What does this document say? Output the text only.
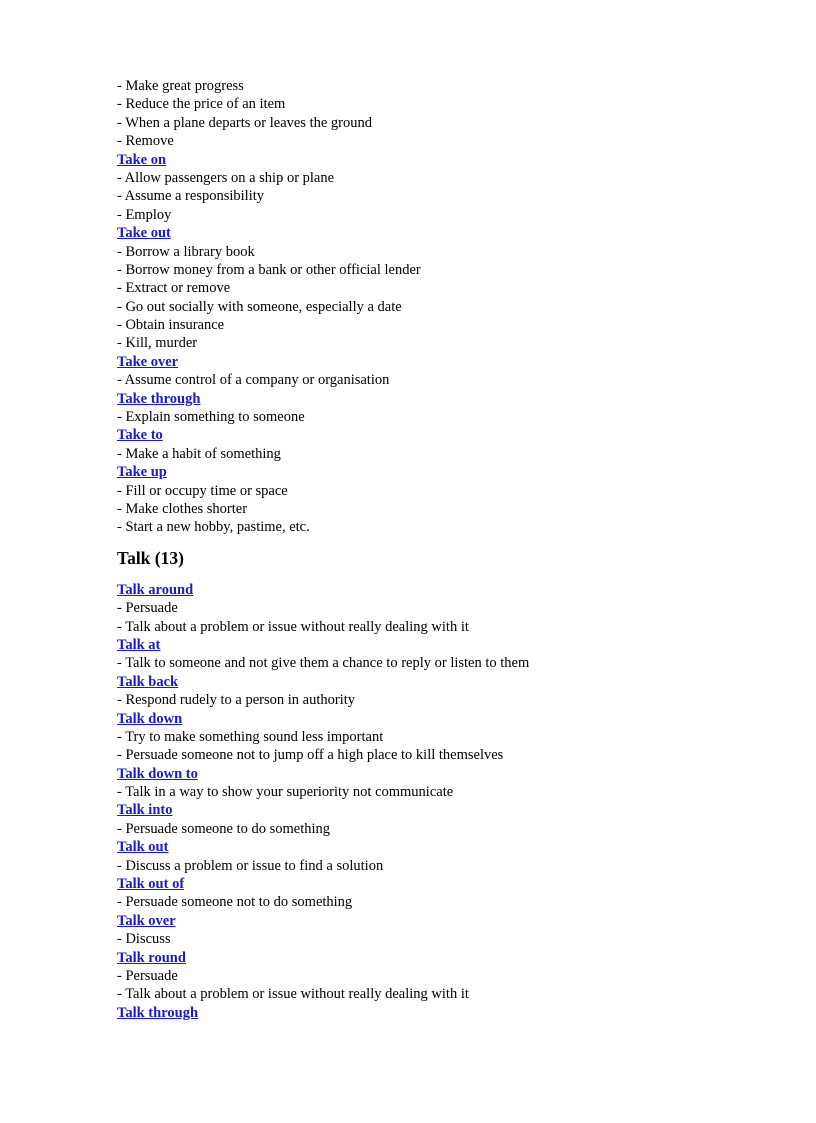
- Make great progress
- Reduce the price of an item
- When a plane departs or leaves the ground
- Remove
Take on
- Allow passengers on a ship or plane
- Assume a responsibility
- Employ
Take out
- Borrow a library book
- Borrow money from a bank or other official lender
- Extract or remove
- Go out socially with someone, especially a date
- Obtain insurance
- Kill, murder
Take over
- Assume control of a company or organisation
Take through
- Explain something to someone
Take to
- Make a habit of something
Take up
- Fill or occupy time or space
- Make clothes shorter
- Start a new hobby, pastime, etc.
Talk (13)
Talk around
- Persuade
- Talk about a problem or issue without really dealing with it
Talk at
- Talk to someone and not give them a chance to reply or listen to them
Talk back
- Respond rudely to a person in authority
Talk down
- Try to make something sound less important
- Persuade someone not to jump off a high place to kill themselves
Talk down to
- Talk in a way to show your superiority not communicate
Talk into
- Persuade someone to do something
Talk out
- Discuss a problem or issue to find a solution
Talk out of
- Persuade someone not to do something
Talk over
- Discuss
Talk round
- Persuade
- Talk about a problem or issue without really dealing with it
Talk through
